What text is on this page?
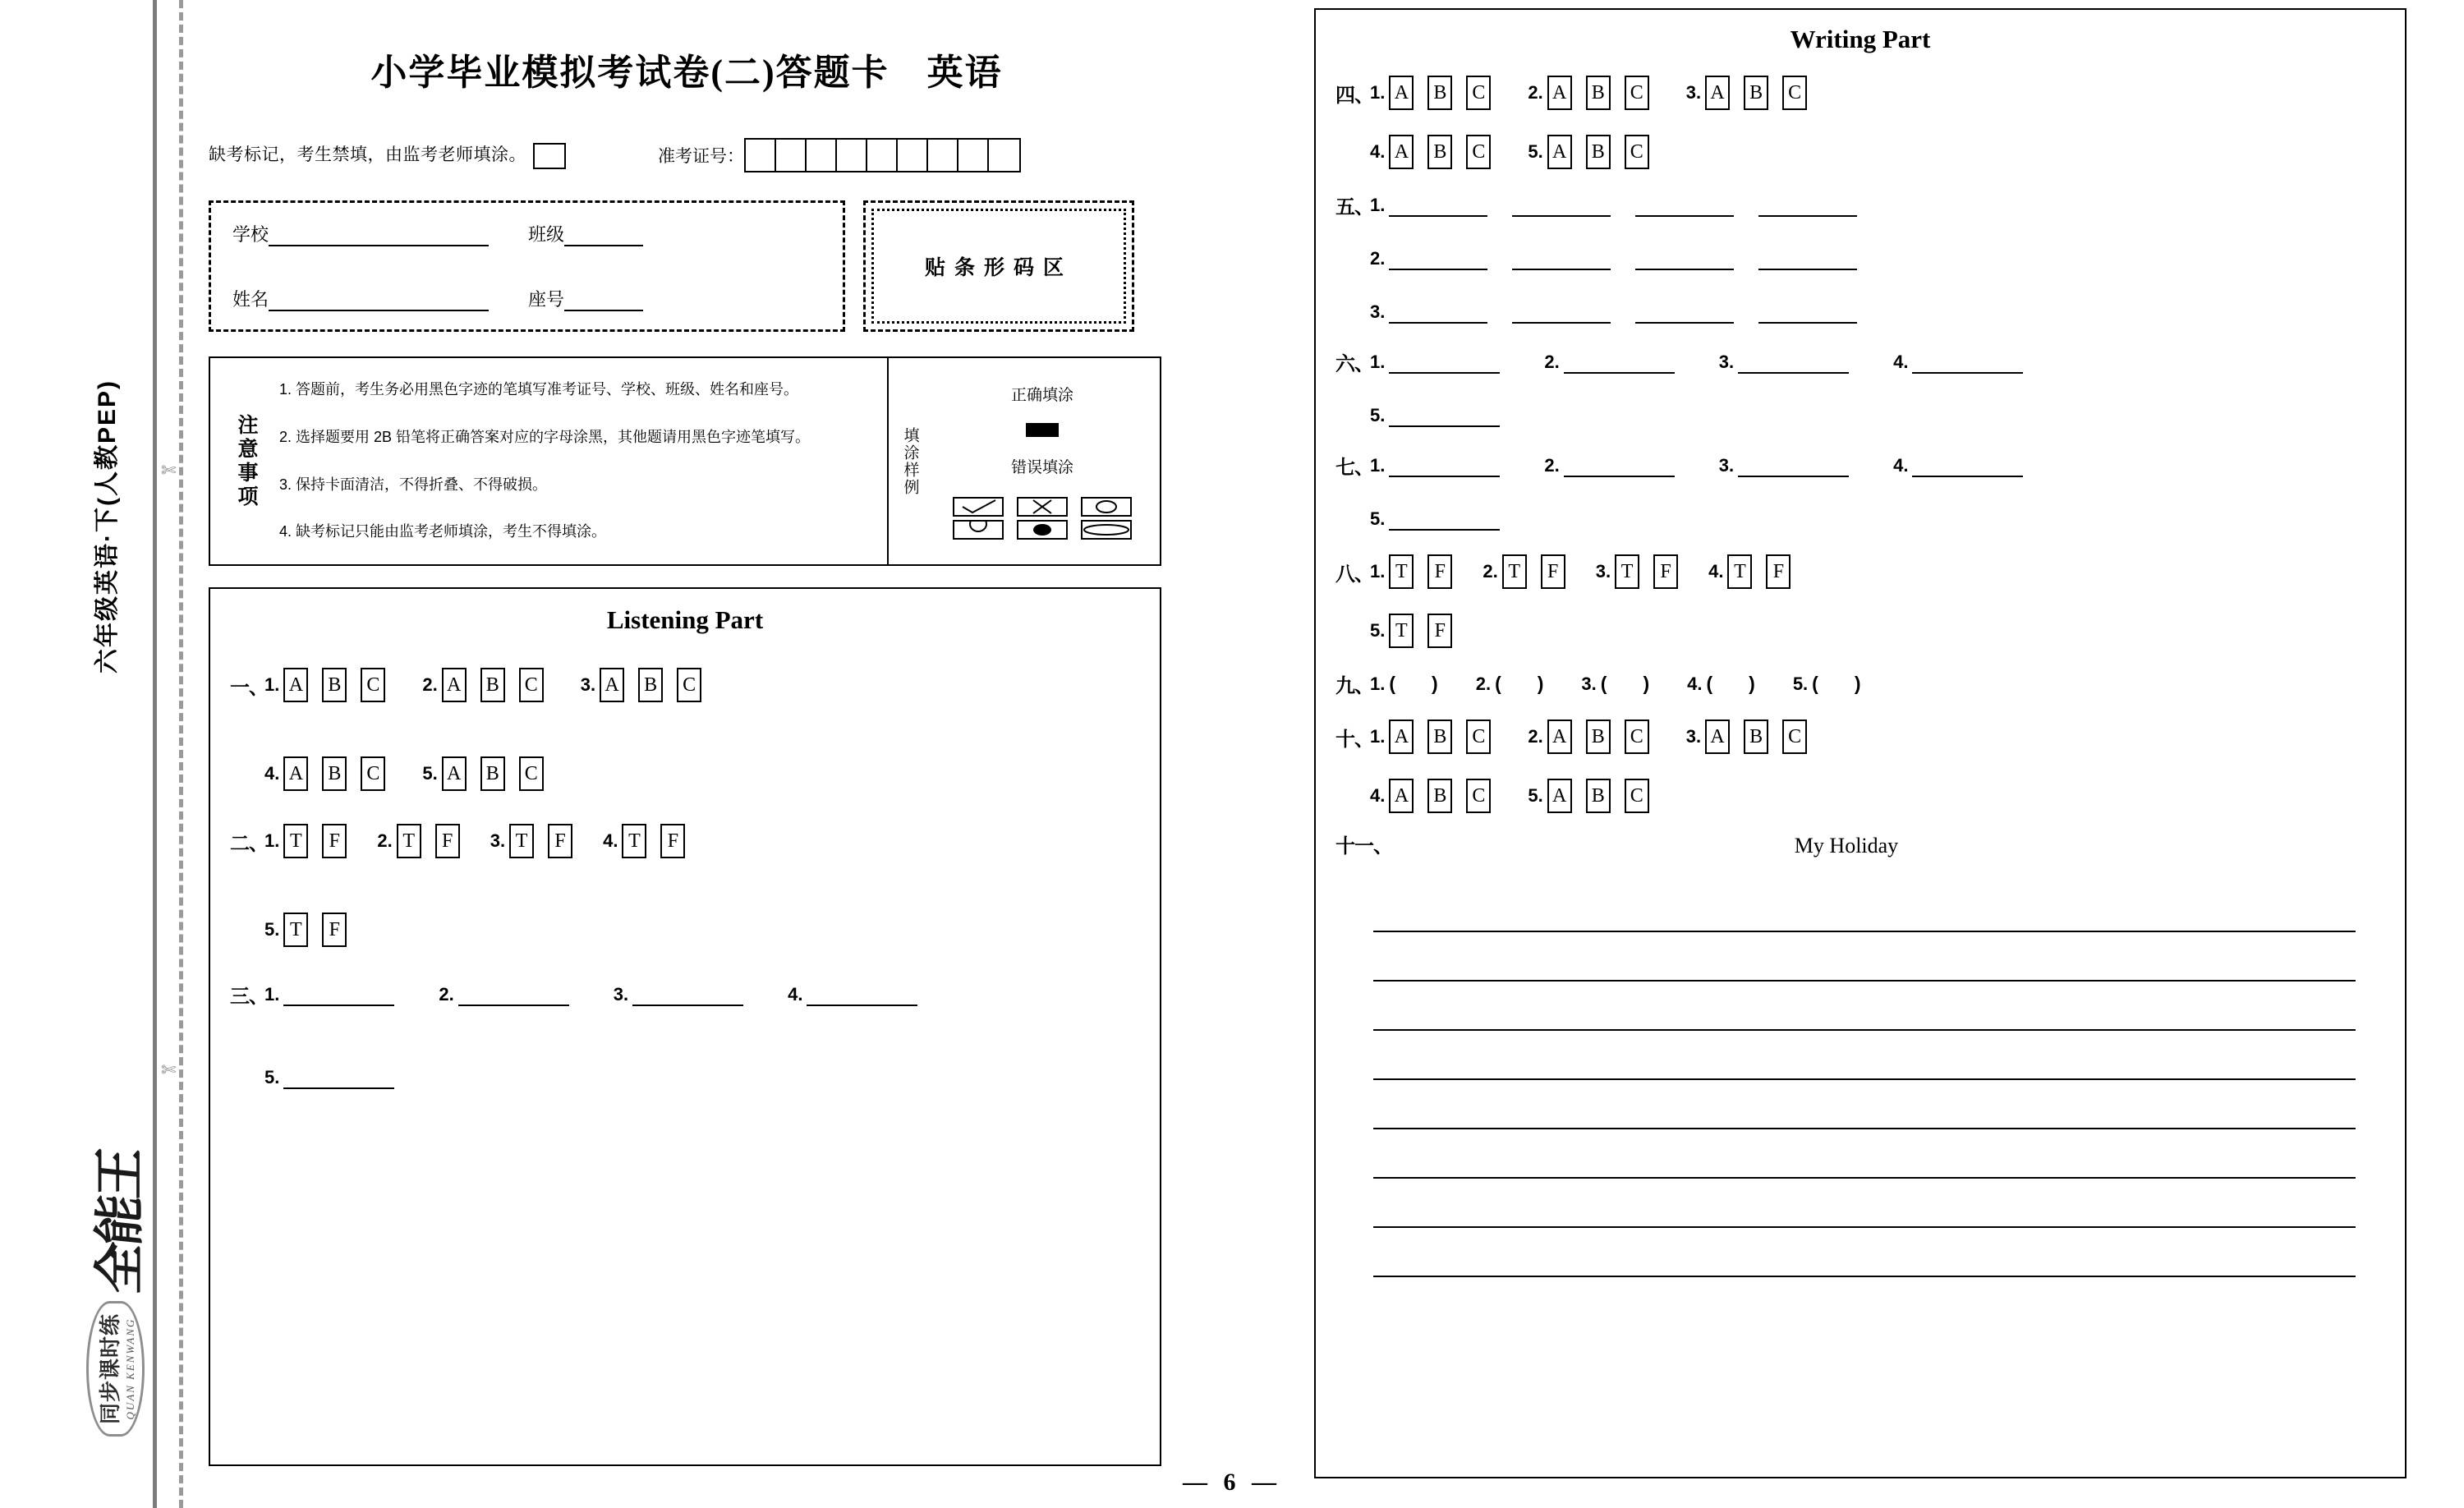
✄
✄
六年级英语·下(人教PEP)
全能王
同步课时练 QUAN KENWANG
小学毕业模拟考试卷(二)答题卡　英语
缺考标记，考生禁填，由监考老师填涂。	准考证号：
学校	班级
姓名	座号
贴条形码区
注意事项
1. 答题前，考生务必用黑色字迹的笔填写准考证号、学校、班级、姓名和座号。
2. 选择题要用 2B 铅笔将正确答案对应的字母涂黑，其他题请用黑色字迹笔填写。
3. 保持卡面清洁，不得折叠、不得破损。
4. 缺考标记只能由监考老师填涂，考生不得填涂。
填涂样例
正确填涂
错误填涂
Listening Part
一、
1. A B C	2. A B C	3. A B C
4. A B C	5. A B C
二、
1. T	F	2. T	F	3. T	F	4. T	F
5. T	F
三、
1.	2.	3.	4.
5.
Writing Part
四、
1. A B C	2. A B C	3. A B C
4. A B C	5. A B C
五、
1.
2.
3.
六、
1.	2.	3.	4.
5.
七、
1.	2.	3.	4.
5.
八、
1. T	F	2. T	F	3. T	F	4. T	F
5. T	F
九、
1. ( ) 2. ( ) 3. ( ) 4. ( ) 5. ( )
十、
1. A B C	2. A B C	3. A B C
4. A B C	5. A B C
十一、	My Holiday
— 6 —
